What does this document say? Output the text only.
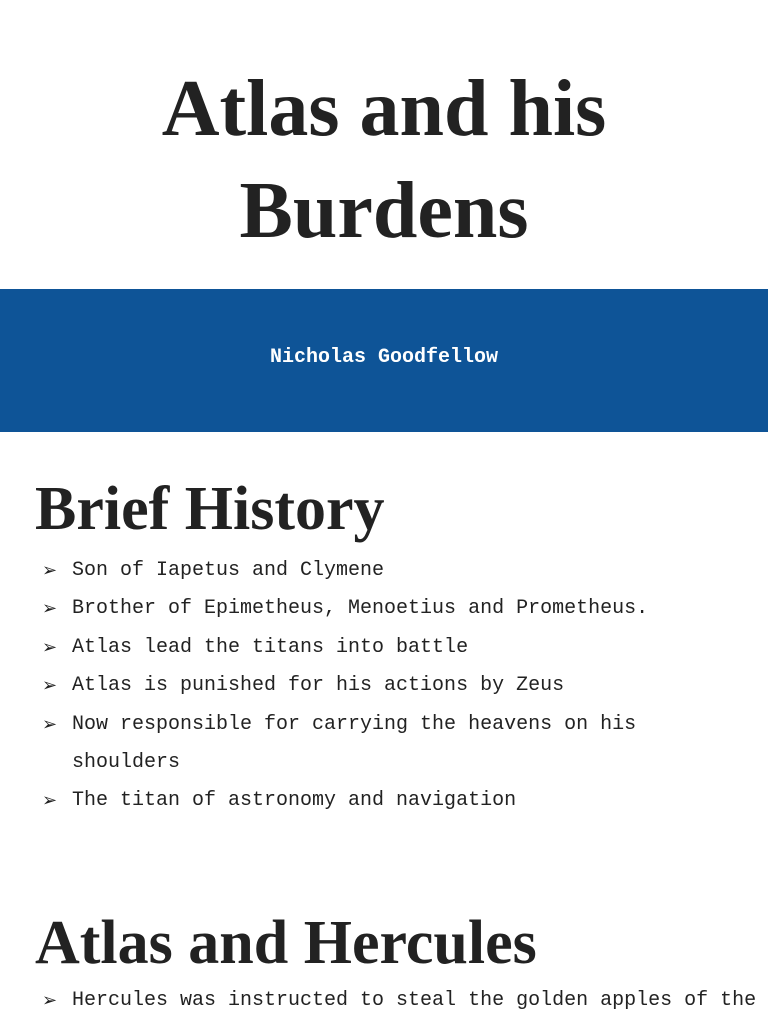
Atlas and his
Burdens
Nicholas Goodfellow
Brief History
➢ Son of Iapetus and Clymene
➢ Brother of Epimetheus, Menoetius and Prometheus.
➢ Atlas lead the titans into battle
➢ Atlas is punished for his actions by Zeus
➢ Now responsible for carrying the heavens on his
shoulders
➢ The titan of astronomy and navigation
Atlas and Hercules
➢ Hercules was instructed to steal the golden apples of the
